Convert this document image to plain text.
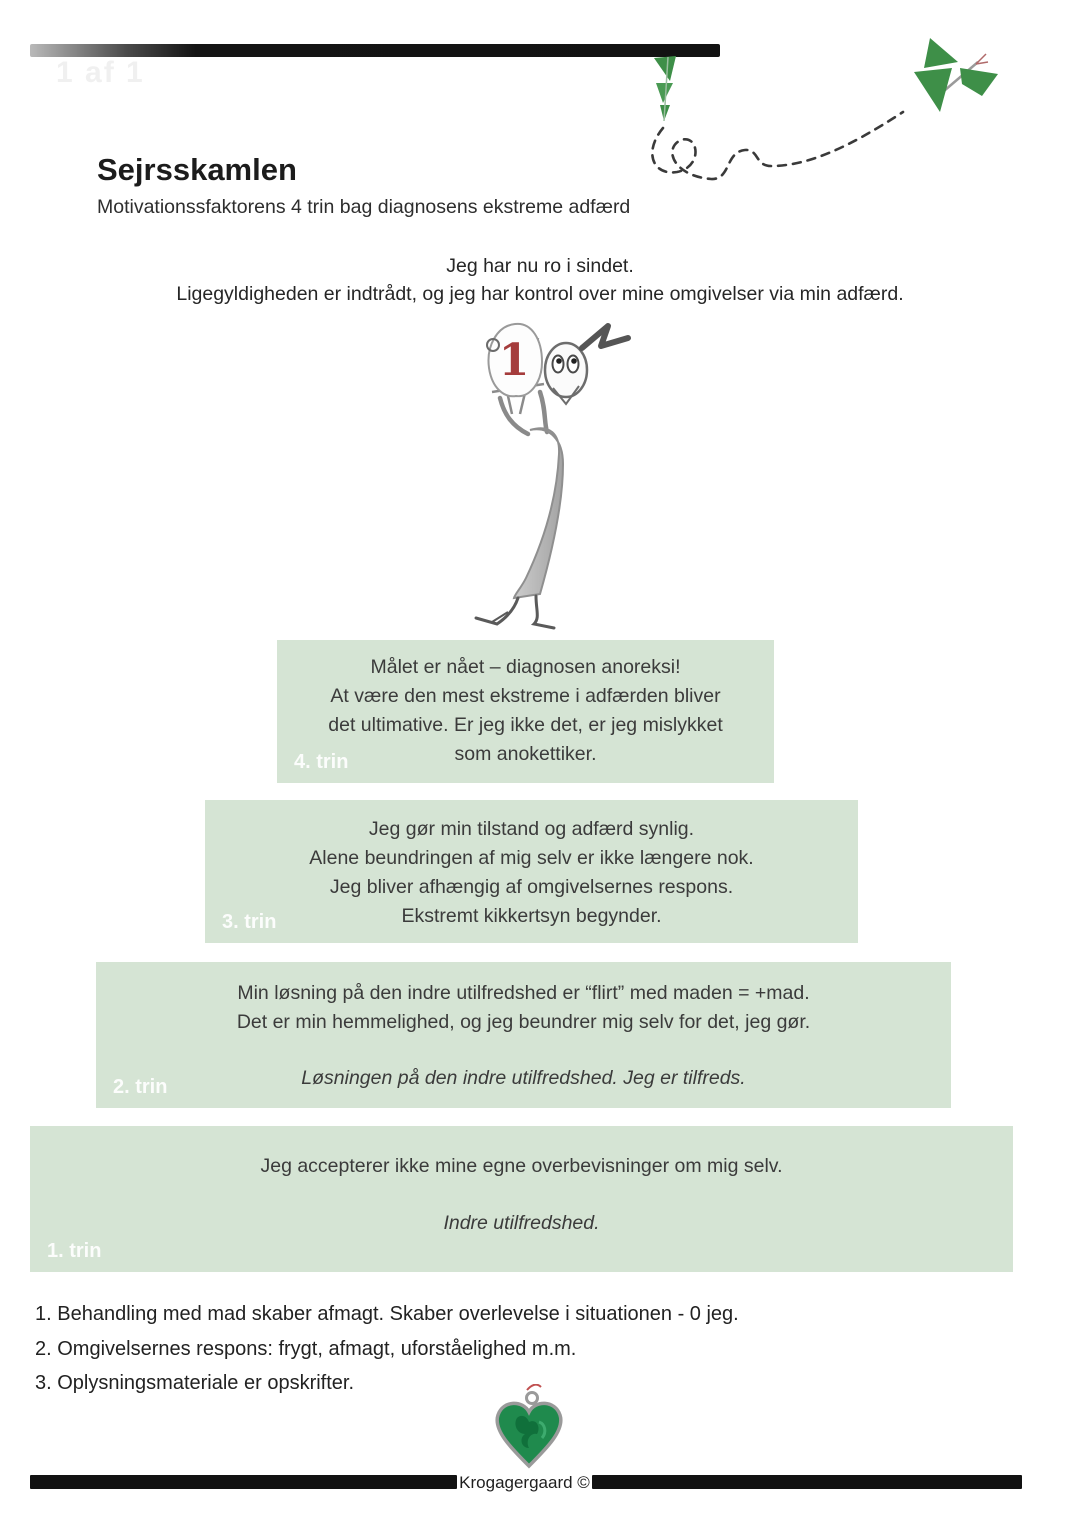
1 af 1
Sejrsskamlen
Motivationssfaktorens 4 trin bag diagnosens ekstreme adfærd
Jeg har nu ro i sindet.
Ligegyldigheden er indtrådt, og jeg har kontrol over mine omgivelser via min adfærd.
1
Målet er nået – diagnosen anoreksi!
At være den mest ekstreme i adfærden bliver
det ultimative. Er jeg ikke det, er jeg mislykket
som anokettiker.
4. trin
Jeg gør min tilstand og adfærd synlig.
Alene beundringen af mig selv er ikke længere nok.
Jeg bliver afhængig af omgivelsernes respons.
Ekstremt kikkertsyn begynder.
3. trin
Min løsning på den indre utilfredshed er “flirt” med maden = +mad.
Det er min hemmelighed, og jeg beundrer mig selv for det, jeg gør.
Løsningen på den indre utilfredshed. Jeg er tilfreds.
2. trin
Jeg accepterer ikke mine egne overbevisninger om mig selv.
Indre utilfredshed.
1. trin
1. Behandling med mad skaber afmagt. Skaber overlevelse i situationen - 0 jeg.
2. Omgivelsernes respons: frygt, afmagt, uforståelighed m.m.
3. Oplysningsmateriale er opskrifter.
Krogagergaard ©
